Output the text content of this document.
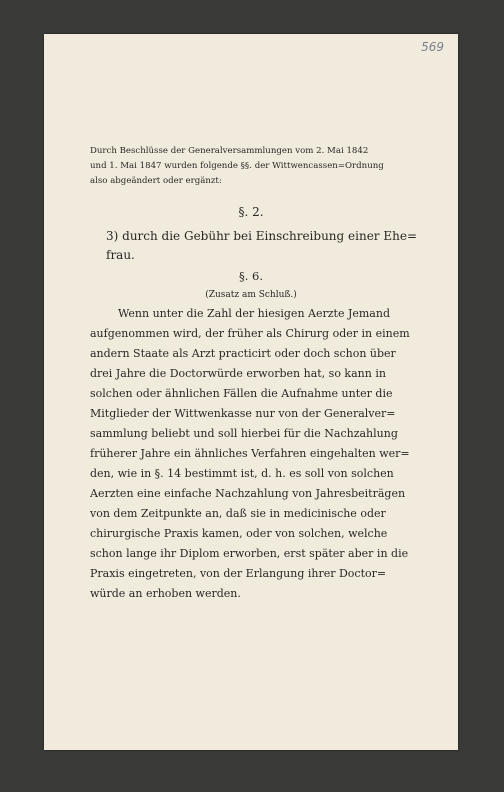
569
Durch Beschlüsse der Generalversammlungen vom 2. Mai 1842
und 1. Mai 1847 wurden folgende §§. der Wittwencassen=Ordnung
also abgeändert oder ergänzt:
§. 2.
3) durch die Gebühr bei Einschreibung einer Ehe=
frau.
§. 6.
(Zusatz am Schluß.)
Wenn unter die Zahl der hiesigen Aerzte Jemand
aufgenommen wird, der früher als Chirurg oder in einem
andern Staate als Arzt practicirt oder doch schon über
drei Jahre die Doctorwürde erworben hat, so kann in
solchen oder ähnlichen Fällen die Aufnahme unter die
Mitglieder der Wittwenkasse nur von der Generalver=
sammlung beliebt und soll hierbei für die Nachzahlung
früherer Jahre ein ähnliches Verfahren eingehalten wer=
den, wie in §. 14 bestimmt ist, d. h. es soll von solchen
Aerzten eine einfache Nachzahlung von Jahresbeiträgen
von dem Zeitpunkte an, daß sie in medicinische oder
chirurgische Praxis kamen, oder von solchen, welche
schon lange ihr Diplom erworben, erst später aber in die
Praxis eingetreten, von der Erlangung ihrer Doctor=
würde an erhoben werden.
